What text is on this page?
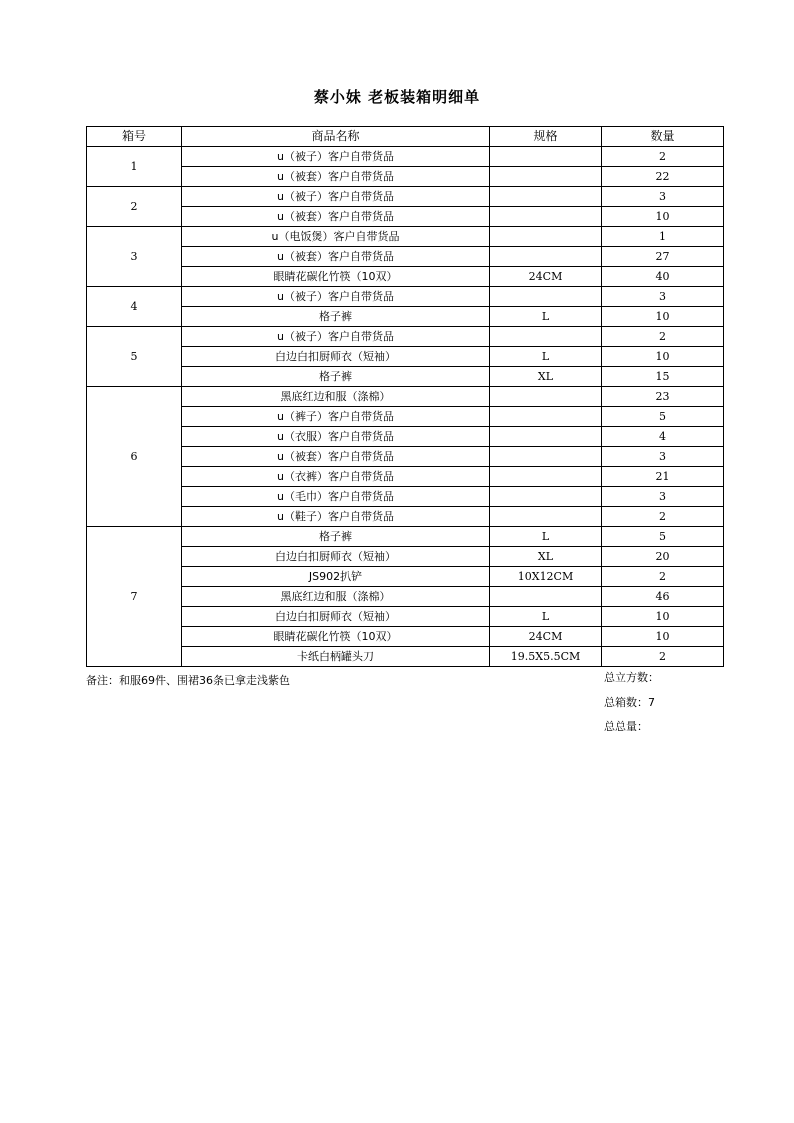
蔡小妹 老板装箱明细单
箱号	商品名称	规格	数量
1	u（被子）客户自带货品		2
	u（被套）客户自带货品		22
2	u（被子）客户自带货品		3
	u（被套）客户自带货品		10
3	u（电饭煲）客户自带货品		1
	u（被套）客户自带货品		27
	眼睛花碳化竹筷（10双）	24CM	40
4	u（被子）客户自带货品		3
	格子裤	L	10
5	u（被子）客户自带货品		2
	白边白扣厨师衣（短袖）	L	10
	格子裤	XL	15
6	黑底红边和服（涤棉）		23
	u（裤子）客户自带货品		5
	u（衣服）客户自带货品		4
	u（被套）客户自带货品		3
	u（衣裤）客户自带货品		21
	u（毛巾）客户自带货品		3
	u（鞋子）客户自带货品		2
7	格子裤	L	5
	白边白扣厨师衣（短袖）	XL	20
	JS902扒铲	10X12CM	2
	黑底红边和服（涤棉）		46
	白边白扣厨师衣（短袖）	L	10
	眼睛花碳化竹筷（10双）	24CM	10
	卡纸白柄罐头刀	19.5X5.5CM	2
备注：和服69件、围裙36条已拿走浅紫色	总立方数：
总箱数：7
总总量：
